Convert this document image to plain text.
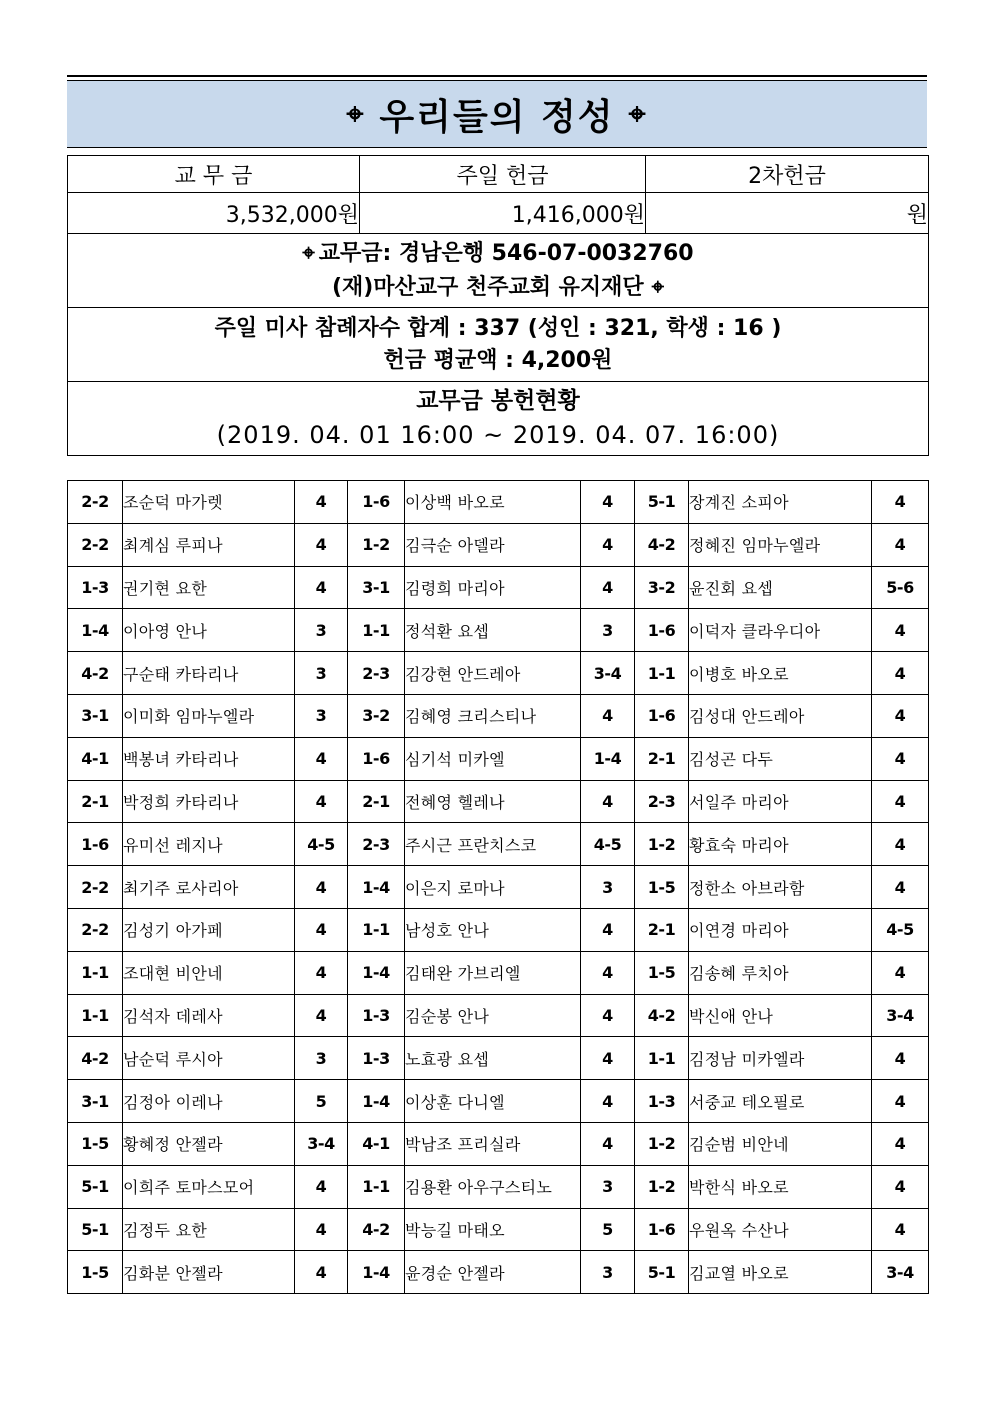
⌖ 우리들의 정성 ⌖
교 무 금	주일 헌금	2차헌금
3,532,000원	1,416,000원	원
⌖ 교무금: 경남은행 546-07-0032760
(재)마산교구 천주교회 유지재단 ⌖		
주일 미사 참례자수 합계 : 337 (성인 : 321, 학생 : 16 )
헌금 평균액 : 4,200원		
교무금 봉헌현황
(2019. 04. 01 16:00 ~ 2019. 04. 07. 16:00)		
2-2	조순덕 마가렛	4	1-6	이상백 바오로	4	5-1	장계진 소피아	4
2-2	최계심 루피나	4	1-2	김극순 아델라	4	4-2	정혜진 임마누엘라	4
1-3	권기현 요한	4	3-1	김령희 마리아	4	3-2	윤진회 요셉	5-6
1-4	이아영 안나	3	1-1	정석환 요셉	3	1-6	이덕자 클라우디아	4
4-2	구순태 카타리나	3	2-3	김강현 안드레아	3-4	1-1	이병호 바오로	4
3-1	이미화 임마누엘라	3	3-2	김혜영 크리스티나	4	1-6	김성대 안드레아	4
4-1	백봉녀 카타리나	4	1-6	심기석 미카엘	1-4	2-1	김성곤 다두	4
2-1	박정희 카타리나	4	2-1	전혜영 헬레나	4	2-3	서일주 마리아	4
1-6	유미선 레지나	4-5	2-3	주시근 프란치스코	4-5	1-2	황효숙 마리아	4
2-2	최기주 로사리아	4	1-4	이은지 로마나	3	1-5	정한소 아브라함	4
2-2	김성기 아가페	4	1-1	남성호 안나	4	2-1	이연경 마리아	4-5
1-1	조대현 비안네	4	1-4	김태완 가브리엘	4	1-5	김송혜 루치아	4
1-1	김석자 데레사	4	1-3	김순봉 안나	4	4-2	박신애 안나	3-4
4-2	남순덕 루시아	3	1-3	노효광 요셉	4	1-1	김정남 미카엘라	4
3-1	김정아 이레나	5	1-4	이상훈 다니엘	4	1-3	서중교 테오필로	4
1-5	황혜정 안젤라	3-4	4-1	박남조 프리실라	4	1-2	김순범 비안네	4
5-1	이희주 토마스모어	4	1-1	김용환 아우구스티노	3	1-2	박한식 바오로	4
5-1	김정두 요한	4	4-2	박능길 마태오	5	1-6	우원옥 수산나	4
1-5	김화분 안젤라	4	1-4	윤경순 안젤라	3	5-1	김교열 바오로	3-4
